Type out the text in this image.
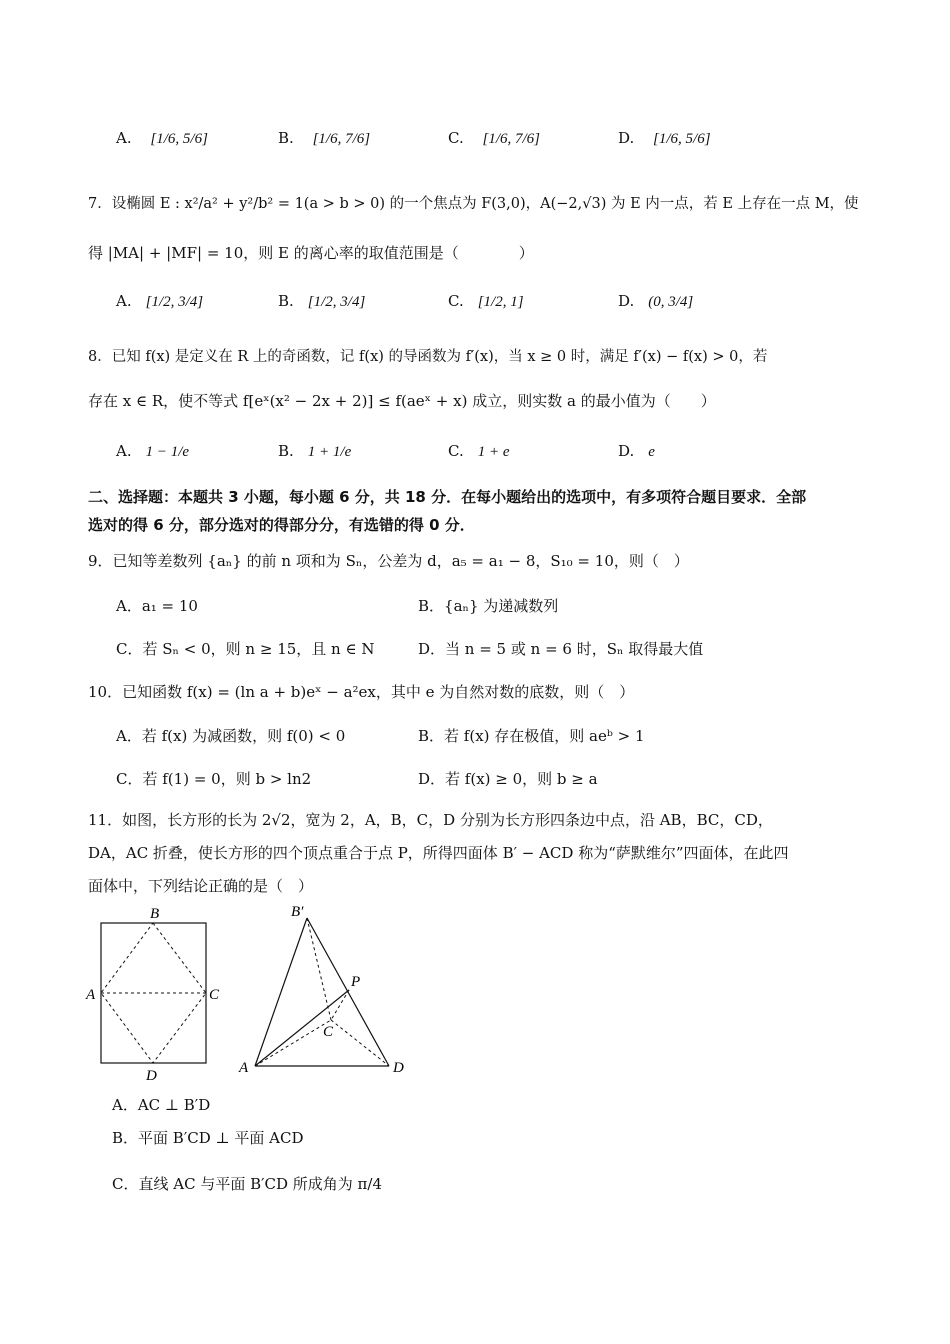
A. [1/6, 5/6]	B. [1/6, 7/6]	C. [1/6, 7/6]	D. [1/6, 5/6]
7．设椭圆 E : x²/a² + y²/b² = 1(a > b > 0) 的一个焦点为 F(3,0)，A(−2,√3) 为 E 内一点，若 E 上存在一点 M，使
得 |MA| + |MF| = 10，则 E 的离心率的取值范围是（　　　　）
A. [1/2, 3/4]	B. [1/2, 3/4]	C. [1/2, 1]	D. (0, 3/4]
8．已知 f(x) 是定义在 R 上的奇函数，记 f(x) 的导函数为 f′(x)，当 x ≥ 0 时，满足 f′(x) − f(x) > 0，若
存在 x ∈ R，使不等式 f[eˣ(x² − 2x + 2)] ≤ f(aeˣ + x) 成立，则实数 a 的最小值为（　　）
A. 1 − 1/e	B. 1 + 1/e	C. 1 + e	D. e
二、选择题：本题共 3 小题，每小题 6 分，共 18 分．在每小题给出的选项中，有多项符合题目要求．全部
选对的得 6 分，部分选对的得部分分，有选错的得 0 分．
9．已知等差数列 {aₙ} 的前 n 项和为 Sₙ，公差为 d，a₅ = a₁ − 8，S₁₀ = 10，则（　）
A．a₁ = 10	B．{aₙ} 为递减数列
C．若 Sₙ < 0，则 n ≥ 15，且 n ∈ N	D．当 n = 5 或 n = 6 时，Sₙ 取得最大值
10．已知函数 f(x) = (ln a + b)eˣ − a²ex，其中 e 为自然对数的底数，则（　）
A．若 f(x) 为减函数，则 f(0) < 0	B．若 f(x) 存在极值，则 aeᵇ > 1
C．若 f(1) = 0，则 b > ln2	D．若 f(x) ≥ 0，则 b ≥ a
11．如图，长方形的长为 2√2，宽为 2，A，B，C，D 分别为长方形四条边中点，沿 AB，BC，CD，
DA，AC 折叠，使长方形的四个顶点重合于点 P，所得四面体 B′ − ACD 称为“萨默维尔”四面体，在此四
面体中，下列结论正确的是（　）
B
A	C
D
B′
P
C
A	D
A．AC ⊥ B′D
B．平面 B′CD ⊥ 平面 ACD
C．直线 AC 与平面 B′CD 所成角为 π/4
